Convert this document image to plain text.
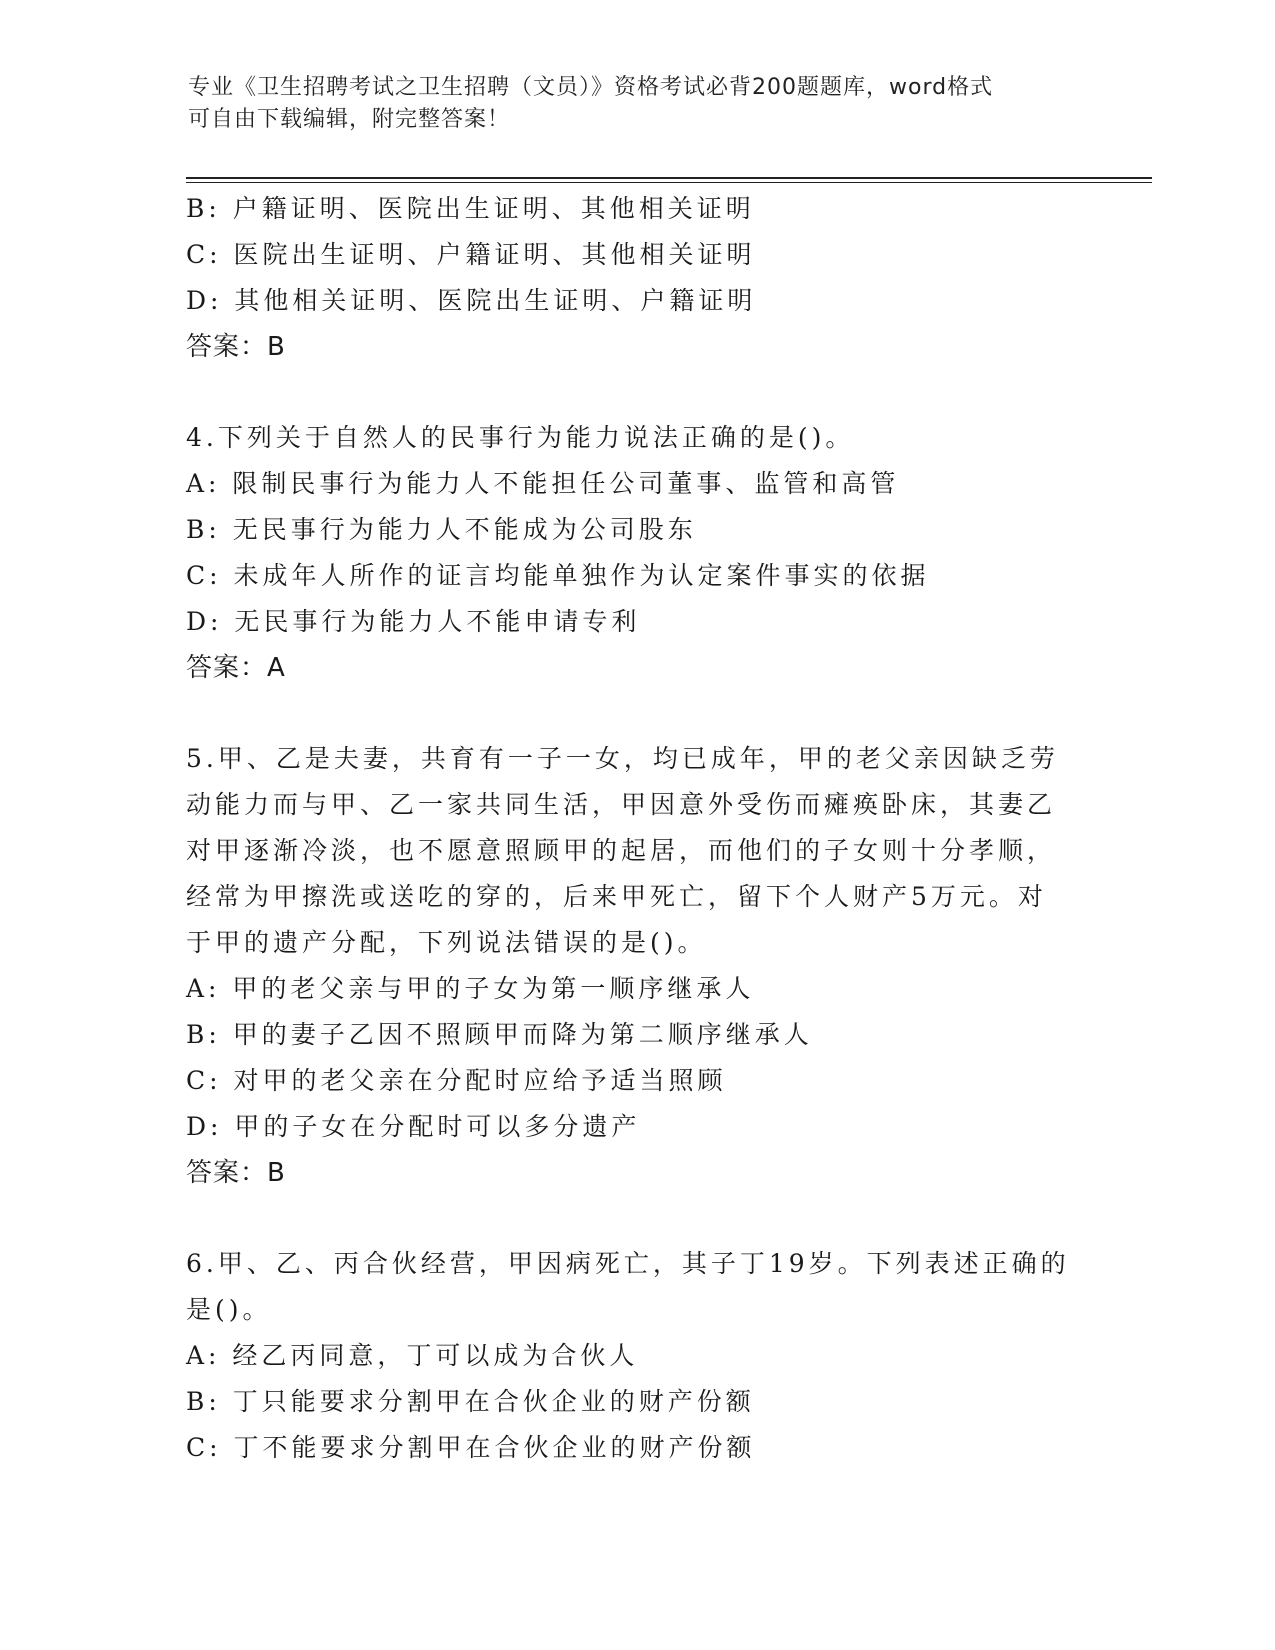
专业《卫生招聘考试之卫生招聘（文员）》资格考试必背200题题库，word格式
可自由下载编辑，附完整答案！
B: 户籍证明、医院出生证明、其他相关证明
C: 医院出生证明、户籍证明、其他相关证明
D: 其他相关证明、医院出生证明、户籍证明
答案：B
4.下列关于自然人的民事行为能力说法正确的是()。
A: 限制民事行为能力人不能担任公司董事、监管和高管
B: 无民事行为能力人不能成为公司股东
C: 未成年人所作的证言均能单独作为认定案件事实的依据
D: 无民事行为能力人不能申请专利
答案：A
5.甲、乙是夫妻，共育有一子一女，均已成年，甲的老父亲因缺乏劳
动能力而与甲、乙一家共同生活，甲因意外受伤而瘫痪卧床，其妻乙
对甲逐渐冷淡，也不愿意照顾甲的起居，而他们的子女则十分孝顺，
经常为甲擦洗或送吃的穿的，后来甲死亡，留下个人财产5万元。对
于甲的遗产分配，下列说法错误的是()。
A: 甲的老父亲与甲的子女为第一顺序继承人
B: 甲的妻子乙因不照顾甲而降为第二顺序继承人
C: 对甲的老父亲在分配时应给予适当照顾
D: 甲的子女在分配时可以多分遗产
答案：B
6.甲、乙、丙合伙经营，甲因病死亡，其子丁19岁。下列表述正确的
是()。
A: 经乙丙同意，丁可以成为合伙人
B: 丁只能要求分割甲在合伙企业的财产份额
C: 丁不能要求分割甲在合伙企业的财产份额
